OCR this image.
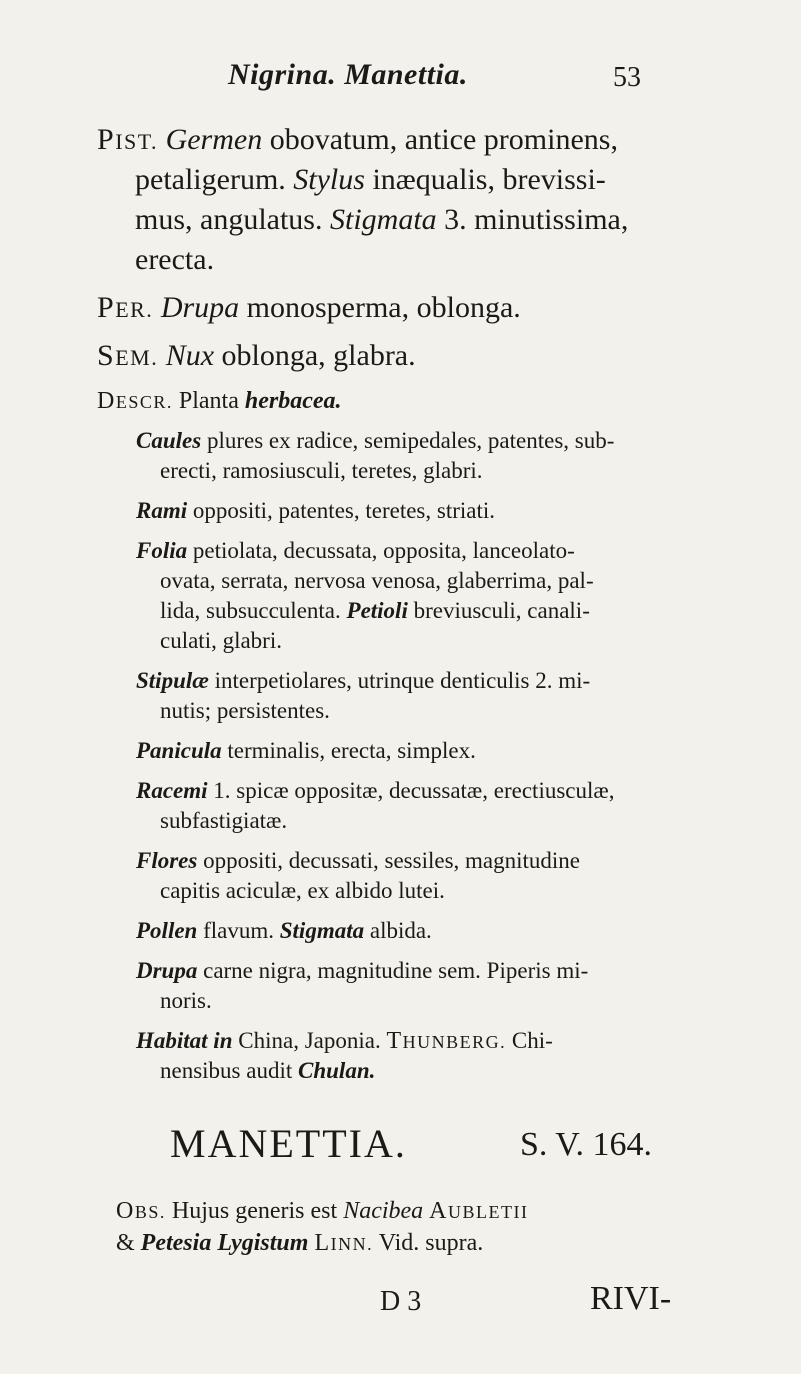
Nigrina. Manettia.	53
PIST. Germen obovatum, antice prominens,
petaligerum. Stylus inæqualis, brevissi-
mus, angulatus. Stigmata 3. minutissima,
erecta.
PER. Drupa monosperma, oblonga.
SEM. Nux oblonga, glabra.
DESCR. Planta herbacea.
Caules plures ex radice, semipedales, patentes, sub-
erecti, ramosiusculi, teretes, glabri.
Rami oppositi, patentes, teretes, striati.
Folia petiolata, decussata, opposita, lanceolato-
ovata, serrata, nervosa venosa, glaberrima, pal-
lida, subsucculenta. Petioli breviusculi, canali-
culati, glabri.
Stipulæ interpetiolares, utrinque denticulis 2. mi-
nutis; persistentes.
Panicula terminalis, erecta, simplex.
Racemi 1. spicæ oppositæ, decussatæ, erectiusculæ,
subfastigiatæ.
Flores oppositi, decussati, sessiles, magnitudine
capitis aciculæ, ex albido lutei.
Pollen flavum. Stigmata albida.
Drupa carne nigra, magnitudine sem. Piperis mi-
noris.
Habitat in China, Japonia. THUNBERG. Chi-
nensibus audit Chulan.
MANETTIA.	S. V. 164.
OBS. Hujus generis est Nacibea AUBLETII
& Petesia Lygistum LINN. Vid. supra.
D 3	RIVI-
